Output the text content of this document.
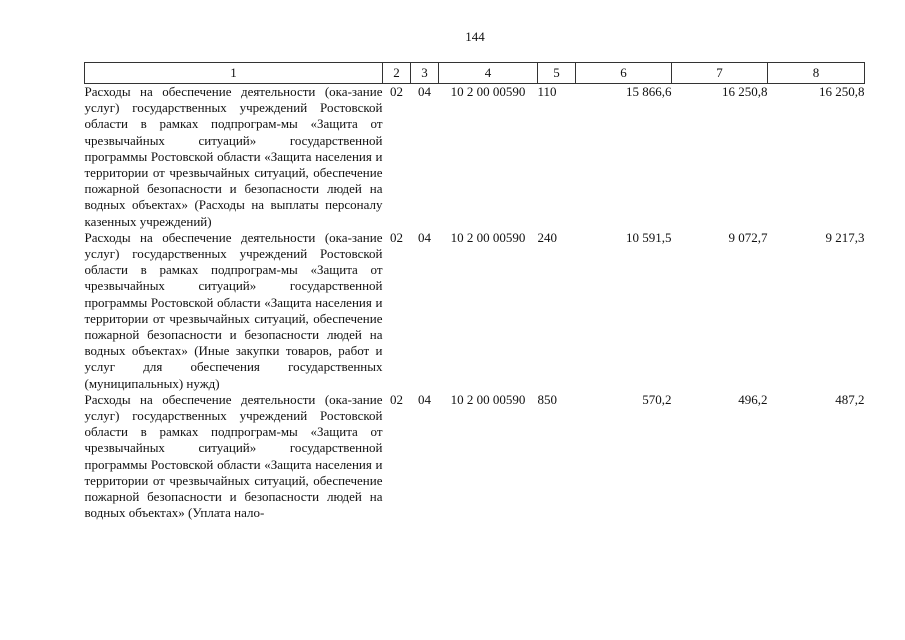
144
1	2	3	4	5	6	7	8
Расходы на обеспечение деятельности (ока-зание услуг) государственных учреждений Ростовской области в рамках подпрограм-мы «Защита от чрезвычайных ситуаций» государственной программы Ростовской области «Защита населения и территории от чрезвычайных ситуаций, обеспечение пожарной безопасности и безопасности людей на водных объектах» (Расходы на выплаты персоналу казенных учреждений)	02	04	10 2 00 00590	110	15 866,6	16 250,8	16 250,8
Расходы на обеспечение деятельности (ока-зание услуг) государственных учреждений Ростовской области в рамках подпрограм-мы «Защита от чрезвычайных ситуаций» государственной программы Ростовской области «Защита населения и территории от чрезвычайных ситуаций, обеспечение пожарной безопасности и безопасности людей на водных объектах» (Иные закупки товаров, работ и услуг для обеспечения государственных (муниципальных) нужд)	02	04	10 2 00 00590	240	10 591,5	9 072,7	9 217,3
Расходы на обеспечение деятельности (ока-зание услуг) государственных учреждений Ростовской области в рамках подпрограм-мы «Защита от чрезвычайных ситуаций» государственной программы Ростовской области «Защита населения и территории от чрезвычайных ситуаций, обеспечение пожарной безопасности и безопасности людей на водных объектах» (Уплата нало-	02	04	10 2 00 00590	850	570,2	496,2	487,2
